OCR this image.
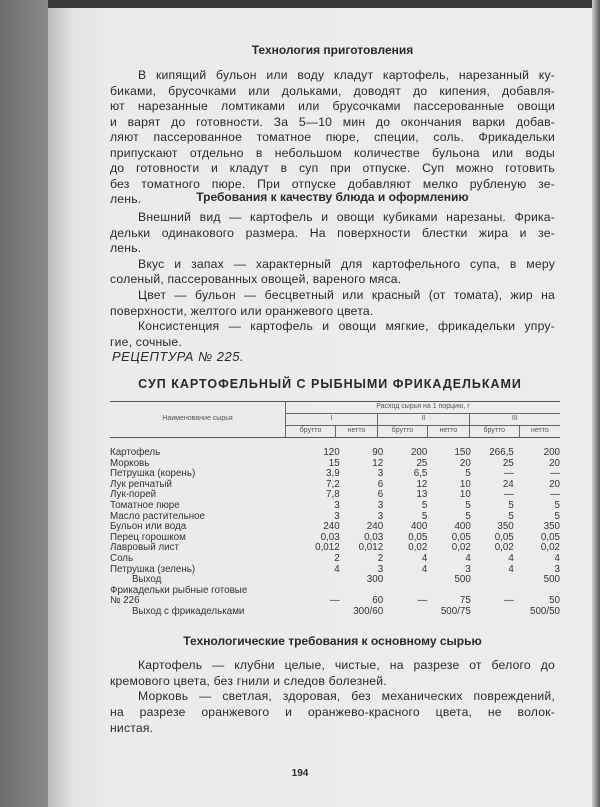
Технология приготовления
Требования к качеству блюда и оформлению
РЕЦЕПТУРА № 225.
СУП КАРТОФЕЛЬНЫЙ С РЫБНЫМИ ФРИКАДЕЛЬКАМИ
Наименование сырья	Расход сырья на 1 порцию, г					
	I		II		III	
	брутто	нетто	брутто	нетто	брутто	нетто
Картофель	120	90	200	150	266,5	200
Морковь	15	12	25	20	25	20
Петрушка (корень)	3,9	3	6,5	5	—	—
Лук репчатый	7,2	6	12	10	24	20
Лук-порей	7,8	6	13	10	—	—
Томатное пюре	3	3	5	5	5	5
Масло растительное	3	3	5	5	5	5
Бульон или вода	240	240	400	400	350	350
Перец горошком	0,03	0,03	0,05	0,05	0,05	0,05
Лавровый лист	0,012	0,012	0,02	0,02	0,02	0,02
Соль	2	2	4	4	4	4
Петрушка (зелень)	4	3	4	3	4	3
Выход		300		500		500
Фрикадельки рыбные готовые						
№ 226	—	60	—	75	—	50
Выход с фрикадельками		300/60		500/75		500/50
Технологические требования к основному сырью
194
В кипящий бульон или воду кладут картофель, нарезанный ку-
биками, брусочками или дольками, доводят до кипения, добавля-
ют нарезанные ломтиками или брусочками пассерованные овощи
и варят до готовности. За 5—10 мин до окончания варки добав-
ляют пассерованное томатное пюре, специи, соль. Фрикадельки
припускают отдельно в небольшом количестве бульона или воды
до готовности и кладут в суп при отпуске. Суп можно готовить
без томатного пюре. При отпуске добавляют мелко рубленую зе-
лень.
Внешний вид — картофель и овощи кубиками нарезаны. Фрика-
дельки одинакового размера. На поверхности блестки жира и зе-
лень.
Вкус и запах — характерный для картофельного супа, в меру
соленый, пассерованных овощей, вареного мяса.
Цвет — бульон — бесцветный или красный (от томата), жир на
поверхности, желтого или оранжевого цвета.
Консистенция — картофель и овощи мягкие, фрикадельки упру-
гие, сочные.
Картофель — клубни целые, чистые, на разрезе от белого до
кремового цвета, без гнили и следов болезней.
Морковь — светлая, здоровая, без механических повреждений,
на разрезе оранжевого и оранжево-красного цвета, не волок-
нистая.
